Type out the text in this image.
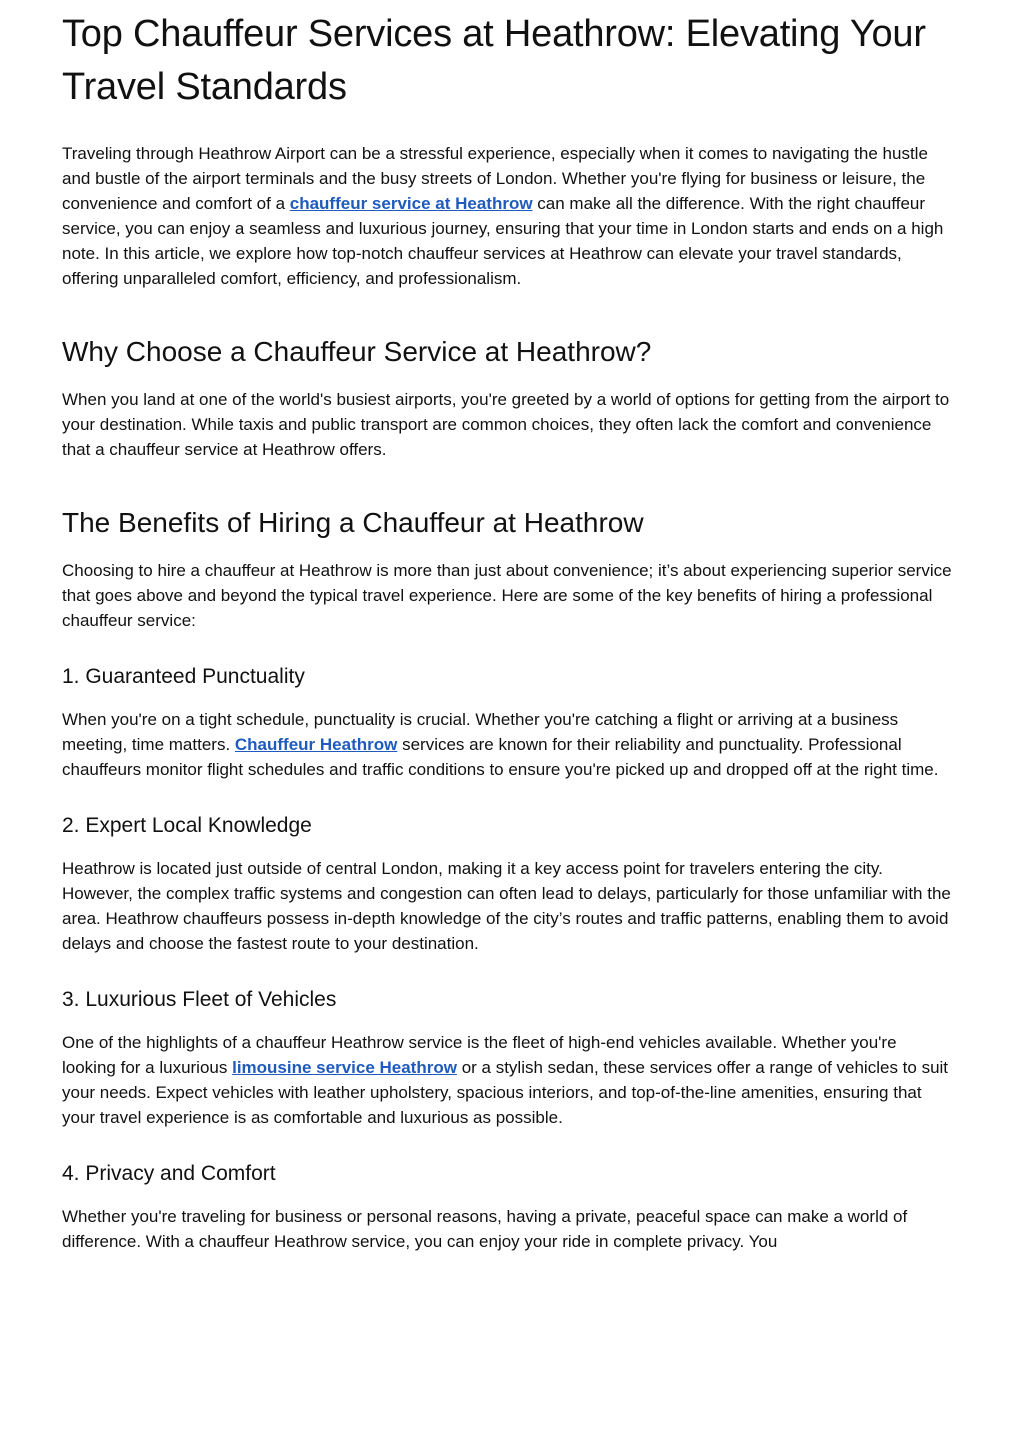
Top Chauffeur Services at Heathrow: Elevating Your Travel Standards

Traveling through Heathrow Airport can be a stressful experience, especially when it comes to navigating the hustle and bustle of the airport terminals and the busy streets of London. Whether you're flying for business or leisure, the convenience and comfort of a chauffeur service at Heathrow can make all the difference. With the right chauffeur service, you can enjoy a seamless and luxurious journey, ensuring that your time in London starts and ends on a high note. In this article, we explore how top-notch chauffeur services at Heathrow can elevate your travel standards, offering unparalleled comfort, efficiency, and professionalism.

Why Choose a Chauffeur Service at Heathrow?

When you land at one of the world's busiest airports, you're greeted by a world of options for getting from the airport to your destination. While taxis and public transport are common choices, they often lack the comfort and convenience that a chauffeur service at Heathrow offers.

The Benefits of Hiring a Chauffeur at Heathrow

Choosing to hire a chauffeur at Heathrow is more than just about convenience; it’s about experiencing superior service that goes above and beyond the typical travel experience. Here are some of the key benefits of hiring a professional chauffeur service:

1. Guaranteed Punctuality

When you're on a tight schedule, punctuality is crucial. Whether you're catching a flight or arriving at a business meeting, time matters. Chauffeur Heathrow services are known for their reliability and punctuality. Professional chauffeurs monitor flight schedules and traffic conditions to ensure you're picked up and dropped off at the right time.

2. Expert Local Knowledge

Heathrow is located just outside of central London, making it a key access point for travelers entering the city. However, the complex traffic systems and congestion can often lead to delays, particularly for those unfamiliar with the area. Heathrow chauffeurs possess in-depth knowledge of the city’s routes and traffic patterns, enabling them to avoid delays and choose the fastest route to your destination.

3. Luxurious Fleet of Vehicles

One of the highlights of a chauffeur Heathrow service is the fleet of high-end vehicles available. Whether you're looking for a luxurious limousine service Heathrow or a stylish sedan, these services offer a range of vehicles to suit your needs. Expect vehicles with leather upholstery, spacious interiors, and top-of-the-line amenities, ensuring that your travel experience is as comfortable and luxurious as possible.

4. Privacy and Comfort

Whether you're traveling for business or personal reasons, having a private, peaceful space can make a world of difference. With a chauffeur Heathrow service, you can enjoy your ride in complete privacy. You
